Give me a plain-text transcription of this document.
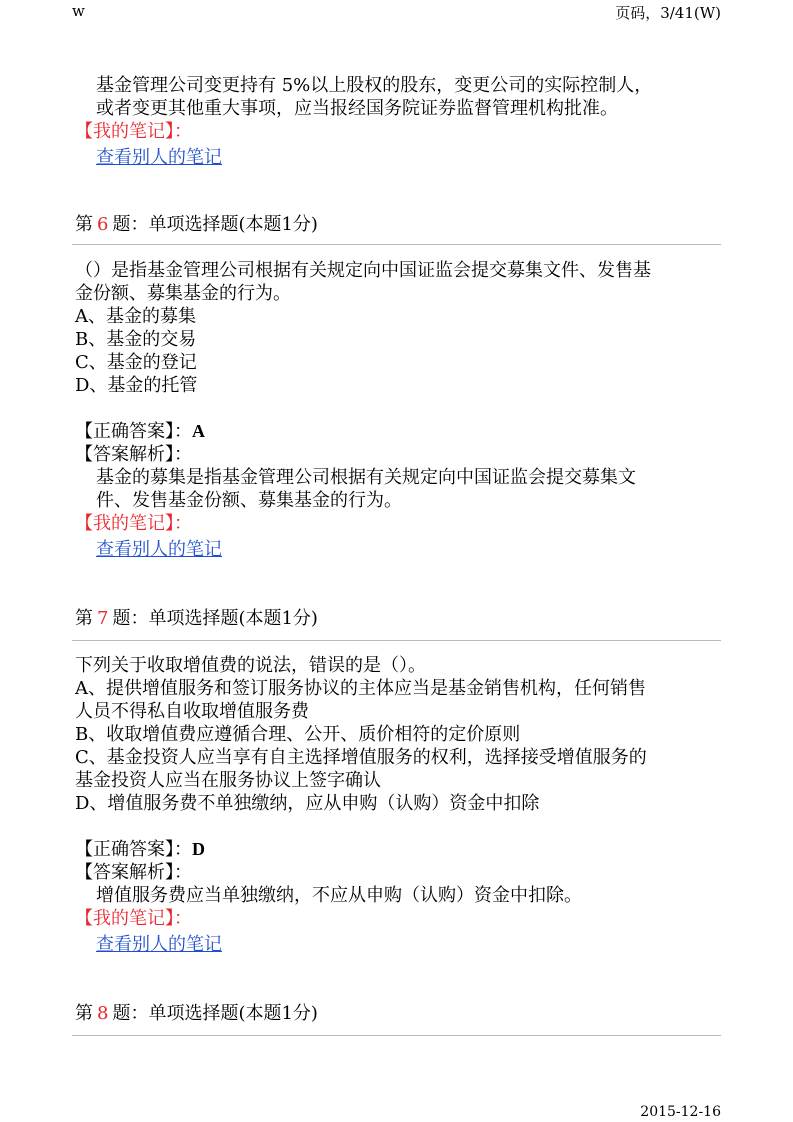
w	页码，3/41(W)
基金管理公司变更持有 5%以上股权的股东，变更公司的实际控制人，
或者变更其他重大事项，应当报经国务院证券监督管理机构批准。
【我的笔记】：
查看别人的笔记
第 6 题：单项选择题(本题1分)
（）是指基金管理公司根据有关规定向中国证监会提交募集文件、发售基
金份额、募集基金的行为。
A、基金的募集
B、基金的交易
C、基金的登记
D、基金的托管
【正确答案】：A
【答案解析】：
基金的募集是指基金管理公司根据有关规定向中国证监会提交募集文
件、发售基金份额、募集基金的行为。
【我的笔记】：
查看别人的笔记
第 7 题：单项选择题(本题1分)
下列关于收取增值费的说法，错误的是（）。
A、提供增值服务和签订服务协议的主体应当是基金销售机构，任何销售
人员不得私自收取增值服务费
B、收取增值费应遵循合理、公开、质价相符的定价原则
C、基金投资人应当享有自主选择增值服务的权利，选择接受增值服务的
基金投资人应当在服务协议上签字确认
D、增值服务费不单独缴纳，应从申购（认购）资金中扣除
【正确答案】：D
【答案解析】：
增值服务费应当单独缴纳，不应从申购（认购）资金中扣除。
【我的笔记】：
查看别人的笔记
第 8 题：单项选择题(本题1分)
2015-12-16
